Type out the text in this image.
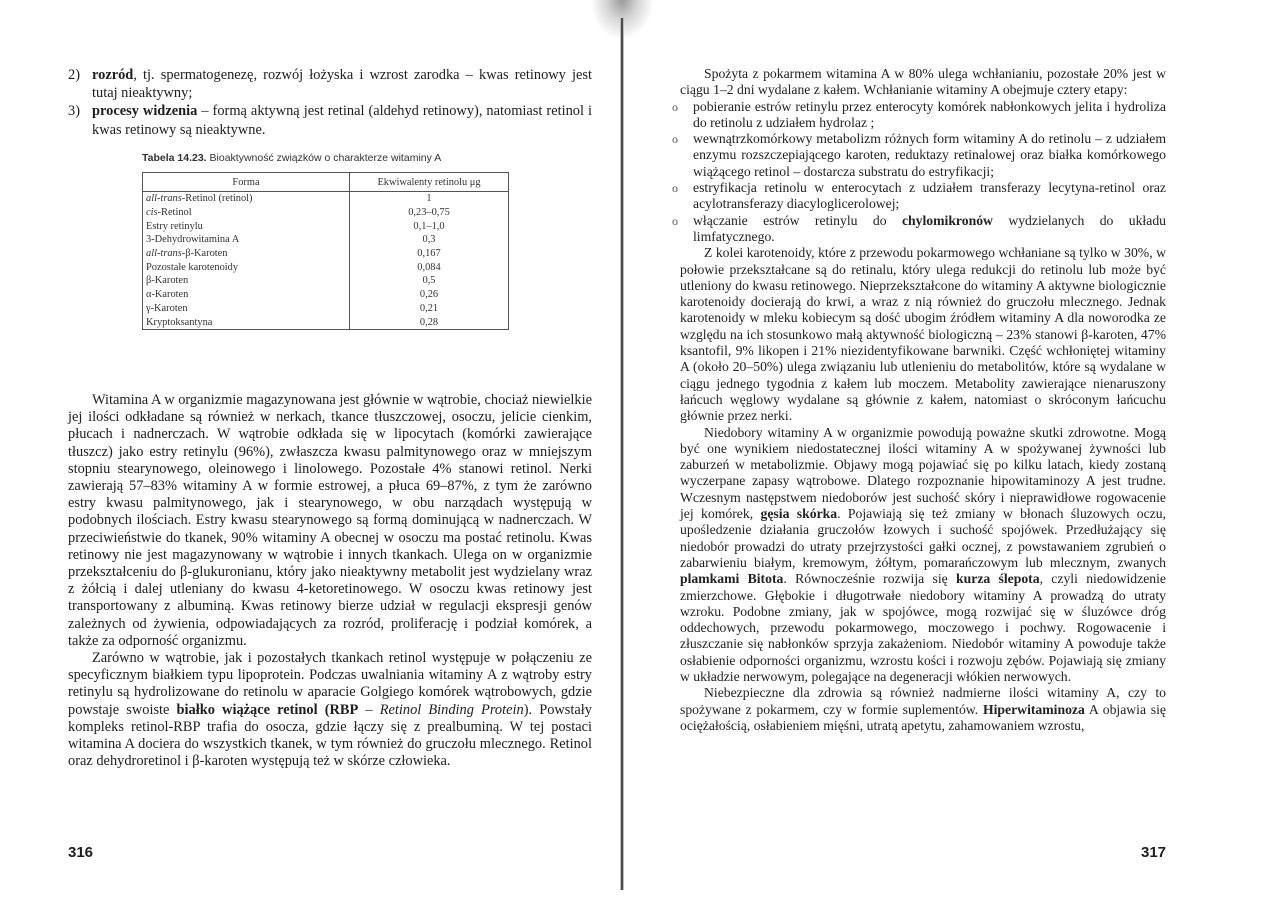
2) rozród, tj. spermatogenezę, rozwój łożyska i wzrost zarodka – kwas retinowy jest tutaj nieaktywny;
3) procesy widzenia – formą aktywną jest retinal (aldehyd retinowy), natomiast retinol i kwas retinowy są nieaktywne.
Tabela 14.23. Bioaktywność związków o charakterze witaminy A
Forma	Ekwiwalenty retinolu μg
all-trans-Retinol (retinol)	1
cis-Retinol	0,23–0,75
Estry retinylu	0,1–1,0
3-Dehydrowitamina A	0,3
all-trans-β-Karoten	0,167
Pozostałe karotenoidy	0,084
β-Karoten	0,5
α-Karoten	0,26
γ-Karoten	0,21
Kryptoksantyna	0,28

Witamina A w organizmie magazynowana jest głównie w wątrobie, chociaż niewielkie jej ilości odkładane są również w nerkach, tkance tłuszczowej, osoczu, jelicie cienkim, płucach i nadnerczach. W wątrobie odkłada się w lipocytach (komórki zawierające tłuszcz) jako estry retinylu (96%), zwłaszcza kwasu palmitynowego oraz w mniejszym stopniu stearynowego, oleinowego i linolowego. Pozostałe 4% stanowi retinol. Nerki zawierają 57–83% witaminy A w formie estrowej, a płuca 69–87%, z tym że zarówno estry kwasu palmitynowego, jak i stearynowego, w obu narządach występują w podobnych ilościach. Estry kwasu stearynowego są formą dominującą w nadnerczach. W przeciwieństwie do tkanek, 90% witaminy A obecnej w osoczu ma postać retinolu. Kwas retinowy nie jest magazynowany w wątrobie i innych tkankach. Ulega on w organizmie przekształceniu do β-glukuronianu, który jako nieaktywny metabolit jest wydzielany wraz z żółcią i dalej utleniany do kwasu 4-ketoretinowego. W osoczu kwas retinowy jest transportowany z albuminą. Kwas retinowy bierze udział w regulacji ekspresji genów zależnych od żywienia, odpowiadających za rozród, proliferację i podział komórek, a także za odporność organizmu.

Zarówno w wątrobie, jak i pozostałych tkankach retinol występuje w połączeniu ze specyficznym białkiem typu lipoprotein. Podczas uwalniania witaminy A z wątroby estry retinylu są hydrolizowane do retinolu w aparacie Golgiego komórek wątrobowych, gdzie powstaje swoiste białko wiążące retinol (RBP – Retinol Binding Protein). Powstały kompleks retinol-RBP trafia do osocza, gdzie łączy się z prealbuminą. W tej postaci witamina A dociera do wszystkich tkanek, w tym również do gruczołu mlecznego. Retinol oraz dehydroretinol i β-karoten występują też w skórze człowieka.

316

Spożyta z pokarmem witamina A w 80% ulega wchłanianiu, pozostałe 20% jest w ciągu 1–2 dni wydalane z kałem. Wchłanianie witaminy A obejmuje cztery etapy:

o pobieranie estrów retinylu przez enterocyty komórek nabłonkowych jelita i hydroliza do retinolu z udziałem hydrolaz ;
o wewnątrzkomórkowy metabolizm różnych form witaminy A do retinolu – z udziałem enzymu rozszczepiającego karoten, reduktazy retinalowej oraz białka komórkowego wiążącego retinol – dostarcza substratu do estryfikacji;
o estryfikacja retinolu w enterocytach z udziałem transferazy lecytyna-retinol oraz acylotransferazy diacyloglicerolowej;
o włączanie estrów retinylu do chylomikronów wydzielanych do układu limfatycznego.

Z kolei karotenoidy, które z przewodu pokarmowego wchłaniane są tylko w 30%, w połowie przekształcane są do retinalu, który ulega redukcji do retinolu lub może być utleniony do kwasu retinowego. Nieprzekształcone do witaminy A aktywne biologicznie karotenoidy docierają do krwi, a wraz z nią również do gruczołu mlecznego. Jednak karotenoidy w mleku kobiecym są dość ubogim źródłem witaminy A dla noworodka ze względu na ich stosunkowo małą aktywność biologiczną – 23% stanowi β-karoten, 47% ksantofil, 9% likopen i 21% niezidentyfikowane barwniki. Część wchłoniętej witaminy A (około 20–50%) ulega związaniu lub utlenieniu do metabolitów, które są wydalane w ciągu jednego tygodnia z kałem lub moczem. Metabolity zawierające nienaruszony łańcuch węglowy wydalane są głównie z kałem, natomiast o skróconym łańcuchu głównie przez nerki.

Niedobory witaminy A w organizmie powodują poważne skutki zdrowotne. Mogą być one wynikiem niedostatecznej ilości witaminy A w spożywanej żywności lub zaburzeń w metabolizmie. Objawy mogą pojawiać się po kilku latach, kiedy zostaną wyczerpane zapasy wątrobowe. Dlatego rozpoznanie hipowitaminozy A jest trudne. Wczesnym następstwem niedoborów jest suchość skóry i nieprawidłowe rogowacenie jej komórek, gęsia skórka. Pojawiają się też zmiany w błonach śluzowych oczu, upośledzenie działania gruczołów łzowych i suchość spojówek. Przedłużający się niedobór prowadzi do utraty przejrzystości gałki ocznej, z powstawaniem zgrubień o zabarwieniu białym, kremowym, żółtym, pomarańczowym lub mlecznym, zwanych plamkami Bitota. Równocześnie rozwija się kurza ślepota, czyli niedowidzenie zmierzchowe. Głębokie i długotrwałe niedobory witaminy A prowadzą do utraty wzroku. Podobne zmiany, jak w spojówce, mogą rozwijać się w śluzówce dróg oddechowych, przewodu pokarmowego, moczowego i pochwy. Rogowacenie i złuszczanie się nabłonków sprzyja zakażeniom. Niedobór witaminy A powoduje także osłabienie odporności organizmu, wzrostu kości i rozwoju zębów. Pojawiają się zmiany w układzie nerwowym, polegające na degeneracji włókien nerwowych.

Niebezpieczne dla zdrowia są również nadmierne ilości witaminy A, czy to spożywane z pokarmem, czy w formie suplementów. Hiperwitaminoza A objawia się ociężałością, osłabieniem mięśni, utratą apetytu, zahamowaniem wzrostu,

317
